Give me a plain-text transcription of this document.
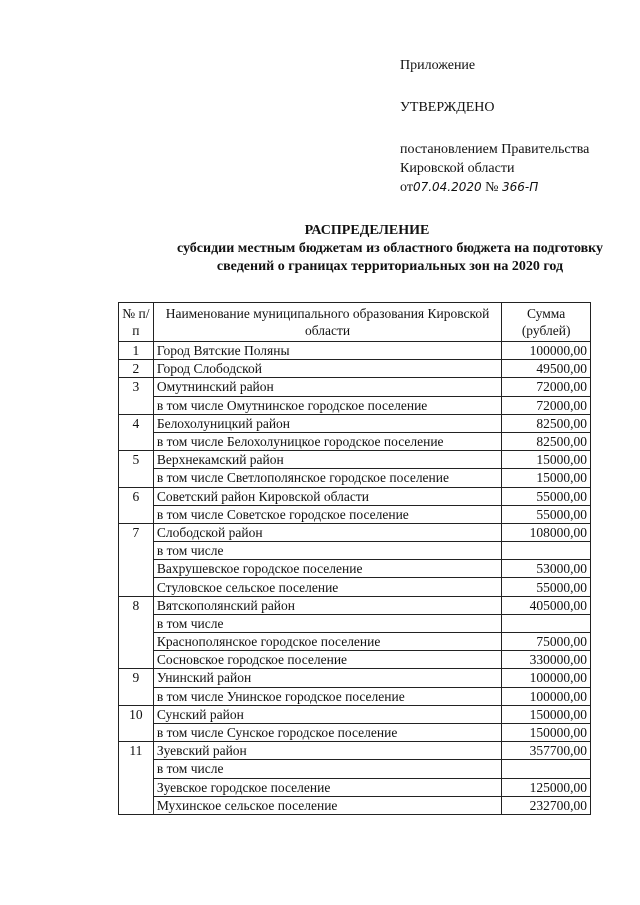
Приложение
УТВЕРЖДЕНО
постановлением Правительства
Кировской области
от07.04.2020 № 366-П
РАСПРЕДЕЛЕНИЕ
субсидии местным бюджетам из областного бюджета на подготовку
сведений о границах территориальных зон на 2020 год
№ п/п	Наименование муниципального образования Кировской области	Сумма (рублей)
1	Город Вятские Поляны	100000,00
2	Город Слободской	49500,00
3	Омутнинский район	72000,00
	в том числе Омутнинское городское поселение	72000,00
4	Белохолуницкий район	82500,00
	в том числе Белохолуницкое городское поселение	82500,00
5	Верхнекамский район	15000,00
	в том числе Светлополянское городское поселение	15000,00
6	Советский район Кировской области	55000,00
	в том числе Советское городское поселение	55000,00
7	Слободской район	108000,00
	в том числе	
	Вахрушевское городское поселение	53000,00
	Стуловское сельское поселение	55000,00
8	Вятскополянский район	405000,00
	в том числе	
	Краснополянское городское поселение	75000,00
	Сосновское городское поселение	330000,00
9	Унинский район	100000,00
	в том числе Унинское городское поселение	100000,00
10	Сунский район	150000,00
	в том числе Сунское городское поселение	150000,00
11	Зуевский район	357700,00
	в том числе	
	Зуевское городское поселение	125000,00
	Мухинское сельское поселение	232700,00
